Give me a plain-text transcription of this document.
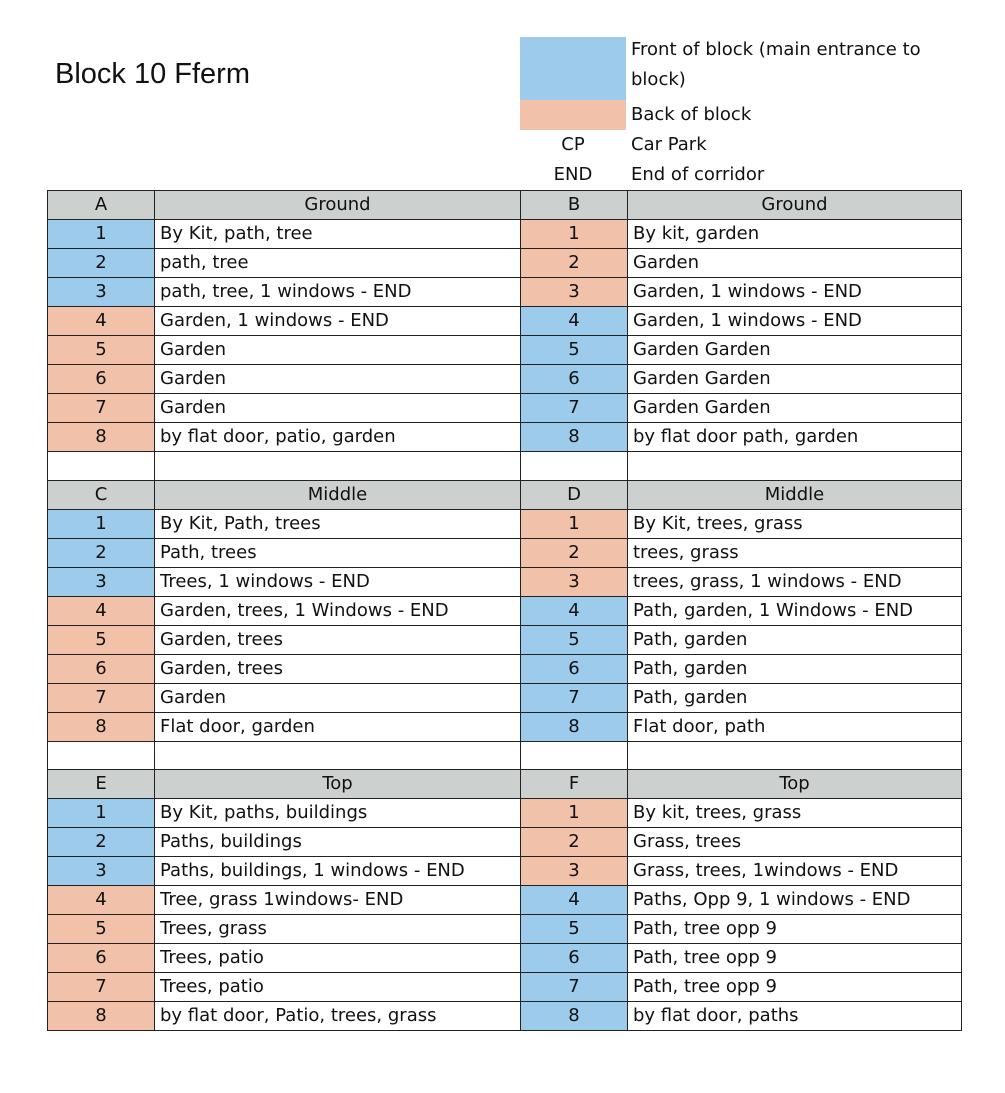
Block 10 Fferm
Front of block (main entrance to
block)
Back of block
CP	Car Park
END	End of corridor
A	Ground	B	Ground
1	By Kit, path, tree	1	By kit, garden
2	path, tree	2	Garden
3	path, tree, 1 windows - END	3	Garden, 1 windows - END
4	Garden, 1 windows - END	4	Garden, 1 windows - END
5	Garden	5	Garden Garden
6	Garden	6	Garden Garden
7	Garden	7	Garden Garden
8	by flat door, patio, garden	8	by flat door path, garden

C	Middle	D	Middle
1	By Kit, Path, trees	1	By Kit, trees, grass
2	Path, trees	2	trees, grass
3	Trees, 1 windows - END	3	trees, grass, 1 windows - END
4	Garden, trees, 1 Windows - END	4	Path, garden, 1 Windows - END
5	Garden, trees	5	Path, garden
6	Garden, trees	6	Path, garden
7	Garden	7	Path, garden
8	Flat door, garden	8	Flat door, path

E	Top	F	Top
1	By Kit, paths, buildings	1	By kit, trees, grass
2	Paths, buildings	2	Grass, trees
3	Paths, buildings, 1 windows - END	3	Grass, trees, 1windows - END
4	Tree, grass 1windows- END	4	Paths, Opp 9, 1 windows - END
5	Trees, grass	5	Path, tree opp 9
6	Trees, patio	6	Path, tree opp 9
7	Trees, patio	7	Path, tree opp 9
8	by flat door, Patio, trees, grass	8	by flat door, paths
